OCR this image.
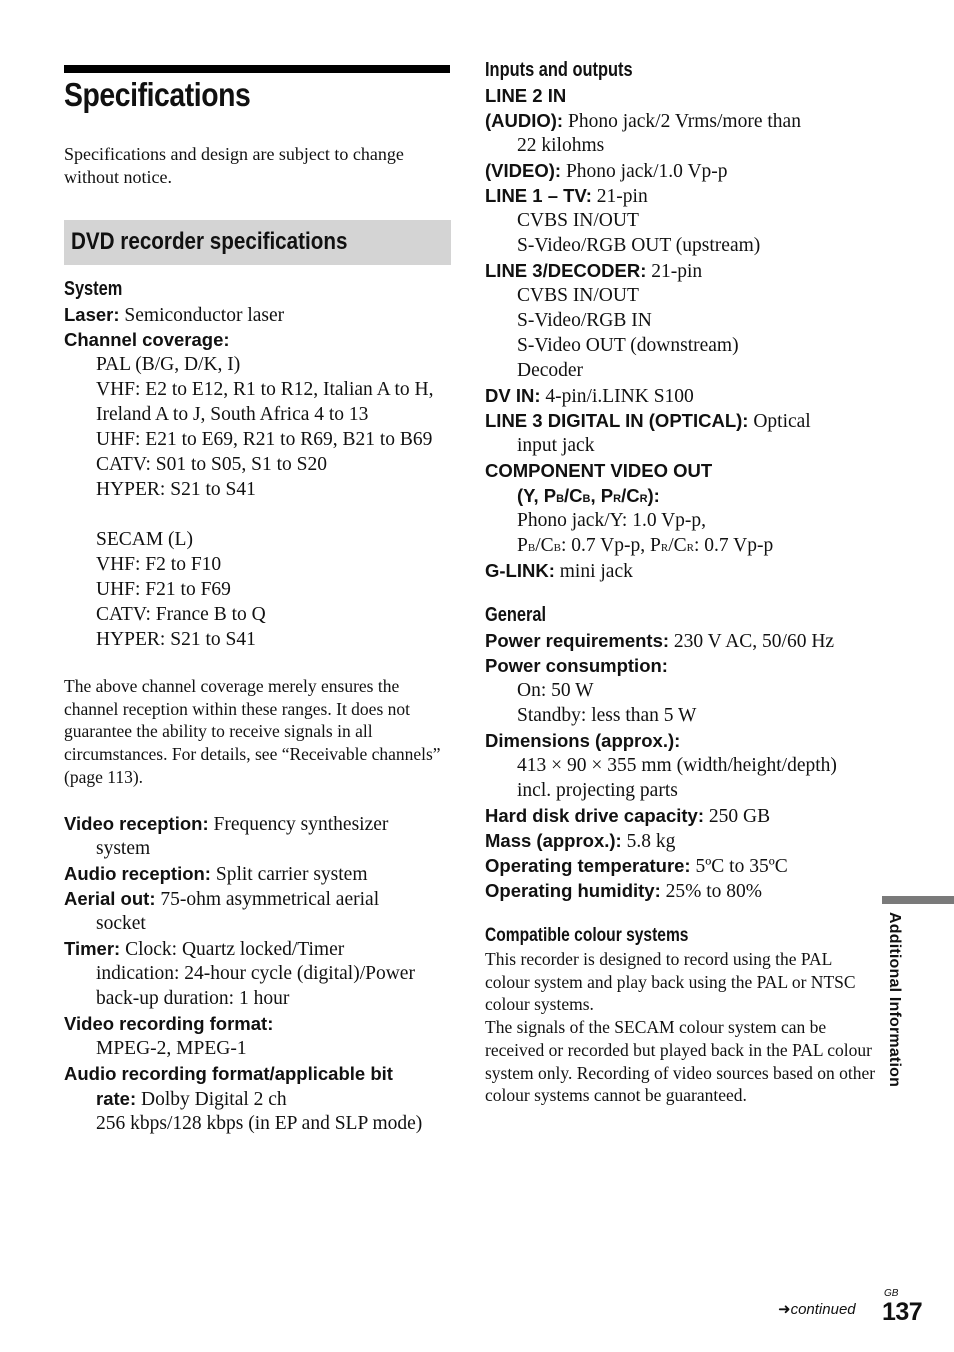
Specifications
Specifications and design are subject to change without notice.
DVD recorder specifications
System
Laser: Semiconductor laser
Channel coverage:
PAL (B/G, D/K, I)
VHF: E2 to E12, R1 to R12, Italian A to H,
Ireland A to J, South Africa 4 to 13
UHF: E21 to E69, R21 to R69, B21 to B69
CATV: S01 to S05, S1 to S20
HYPER: S21 to S41
SECAM (L)
VHF: F2 to F10
UHF: F21 to F69
CATV: France B to Q
HYPER: S21 to S41
The above channel coverage merely ensures the channel reception within these ranges. It does not guarantee the ability to receive signals in all circumstances. For details, see “Receivable channels” (page 113).
Video reception: Frequency synthesizer
system
Audio reception: Split carrier system
Aerial out: 75-ohm asymmetrical aerial
socket
Timer: Clock: Quartz locked/Timer
indication: 24-hour cycle (digital)/Power
back-up duration: 1 hour
Video recording format:
MPEG-2, MPEG-1
Audio recording format/applicable bit
rate: Dolby Digital 2 ch
256 kbps/128 kbps (in EP and SLP mode)
Inputs and outputs
LINE 2 IN
(AUDIO): Phono jack/2 Vrms/more than
22 kilohms
(VIDEO): Phono jack/1.0 Vp-p
LINE 1 – TV: 21-pin
CVBS IN/OUT
S-Video/RGB OUT (upstream)
LINE 3/DECODER: 21-pin
CVBS IN/OUT
S-Video/RGB IN
S-Video OUT (downstream)
Decoder
DV IN: 4-pin/i.LINK S100
LINE 3 DIGITAL IN (OPTICAL): Optical
input jack
COMPONENT VIDEO OUT
(Y, PB/CB, PR/CR):
Phono jack/Y: 1.0 Vp-p,
PB/CB: 0.7 Vp-p, PR/CR: 0.7 Vp-p
G-LINK: mini jack
General
Power requirements: 230 V AC, 50/60 Hz
Power consumption:
On: 50 W
Standby: less than 5 W
Dimensions (approx.):
413 × 90 × 355 mm (width/height/depth)
incl. projecting parts
Hard disk drive capacity: 250 GB
Mass (approx.): 5.8 kg
Operating temperature: 5ºC to 35ºC
Operating humidity: 25% to 80%
Compatible colour systems
This recorder is designed to record using the PAL colour system and play back using the PAL or NTSC colour systems.
The signals of the SECAM colour system can be received or recorded but played back in the PAL colour system only. Recording of video sources based on other colour systems cannot be guaranteed.
Additional Information
➜continued
GB
137
